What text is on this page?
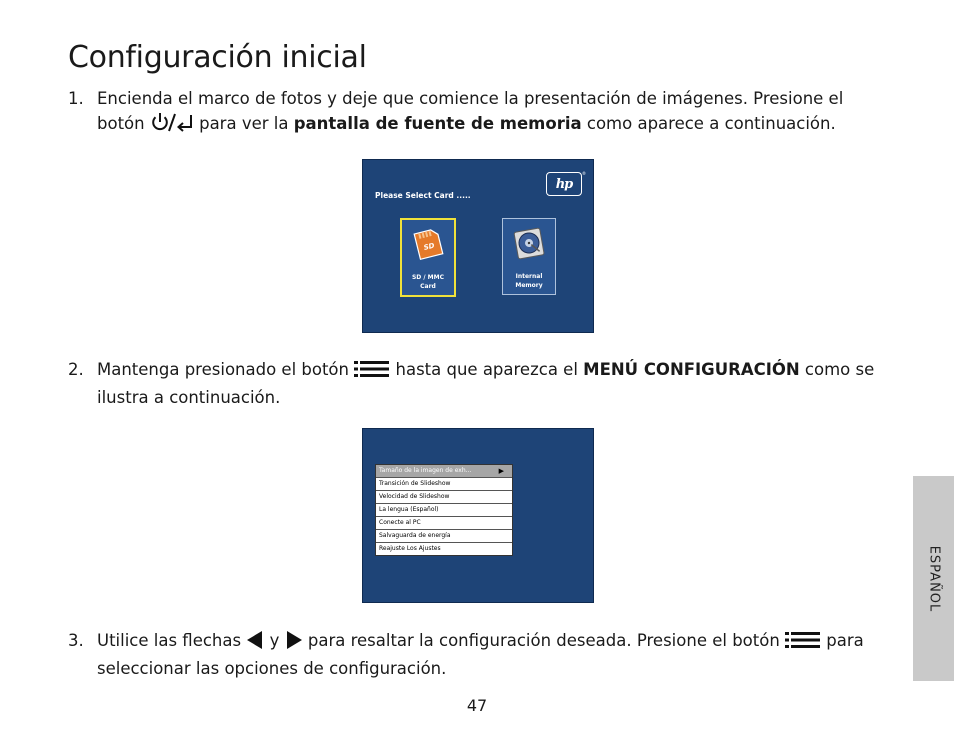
Configuración inicial
1. Encienda el marco de fotos y deje que comience la presentación de imágenes. Presione el botón	para ver la pantalla de fuente de memoria como aparece a continuación.
Please Select Card .....
hp
®
SD
SD / MMC
Card
Internal
Memory
2. Mantenga presionado el botón	hasta que aparezca el MENÚ CONFIGURACIÓN como se ilustra a continuación.
Tamaño de la imagen de exh...	▶
Transición de Slideshow
Velocidad de Slideshow
La lengua (Español)
Conecte al PC
Salvaguarda de energía
Reajuste Los Ajustes
3. Utilice las flechas y para resaltar la configuración deseada. Presione el botón	para seleccionar las opciones de configuración.
ESPAÑOL
47
